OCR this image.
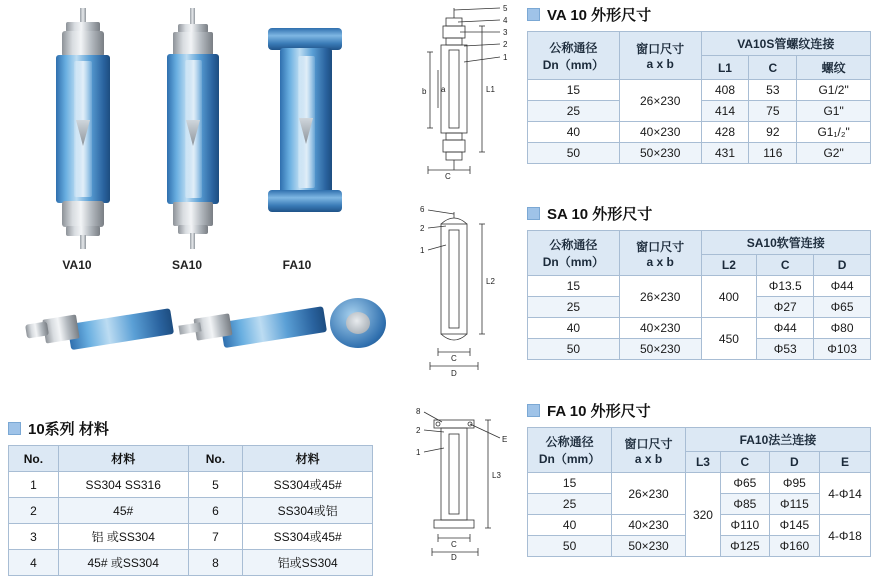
VA10	SA10	FA10
10系列 材料
No.	材料	No.	材料
1	SS304 SS316	5	SS304或45#
2	45#	6	SS304或铝
3	铝 或SS304	7	SS304或45#
4	45# 或SS304	8	铝或SS304
5
4
3
2
1
L1
b a
C
6
2
1
L2
C
D
8
2
1
L3
C
D
E
VA 10 外形尺寸
公称通径
Dn（mm）

窗口尺寸
a x b
	VA10S管螺纹连接
		L1	C	螺纹
15	26×230	408	53	G1/2"
25		414	75	G1"
40	40×230	428	92	G1₁/₂"
50	50×230	431	116	G2"
SA 10 外形尺寸
公称通径
Dn（mm）

窗口尺寸
a x b
	SA10软管连接
		L2	C	D
15	26×230	400	Φ13.5	Φ44
25			Φ27	Φ65
40	40×230	450	Φ44	Φ80
50	50×230		Φ53	Φ103
FA 10 外形尺寸
公称通径
Dn（mm）

窗口尺寸
a x b
	FA10法兰连接
		L3	C	D	E
15	26×230	320	Φ65	Φ95	4-Φ14
25			Φ85	Φ115	
40	40×230		Φ110	Φ145	4-Φ18
50	50×230		Φ125	Φ160	
